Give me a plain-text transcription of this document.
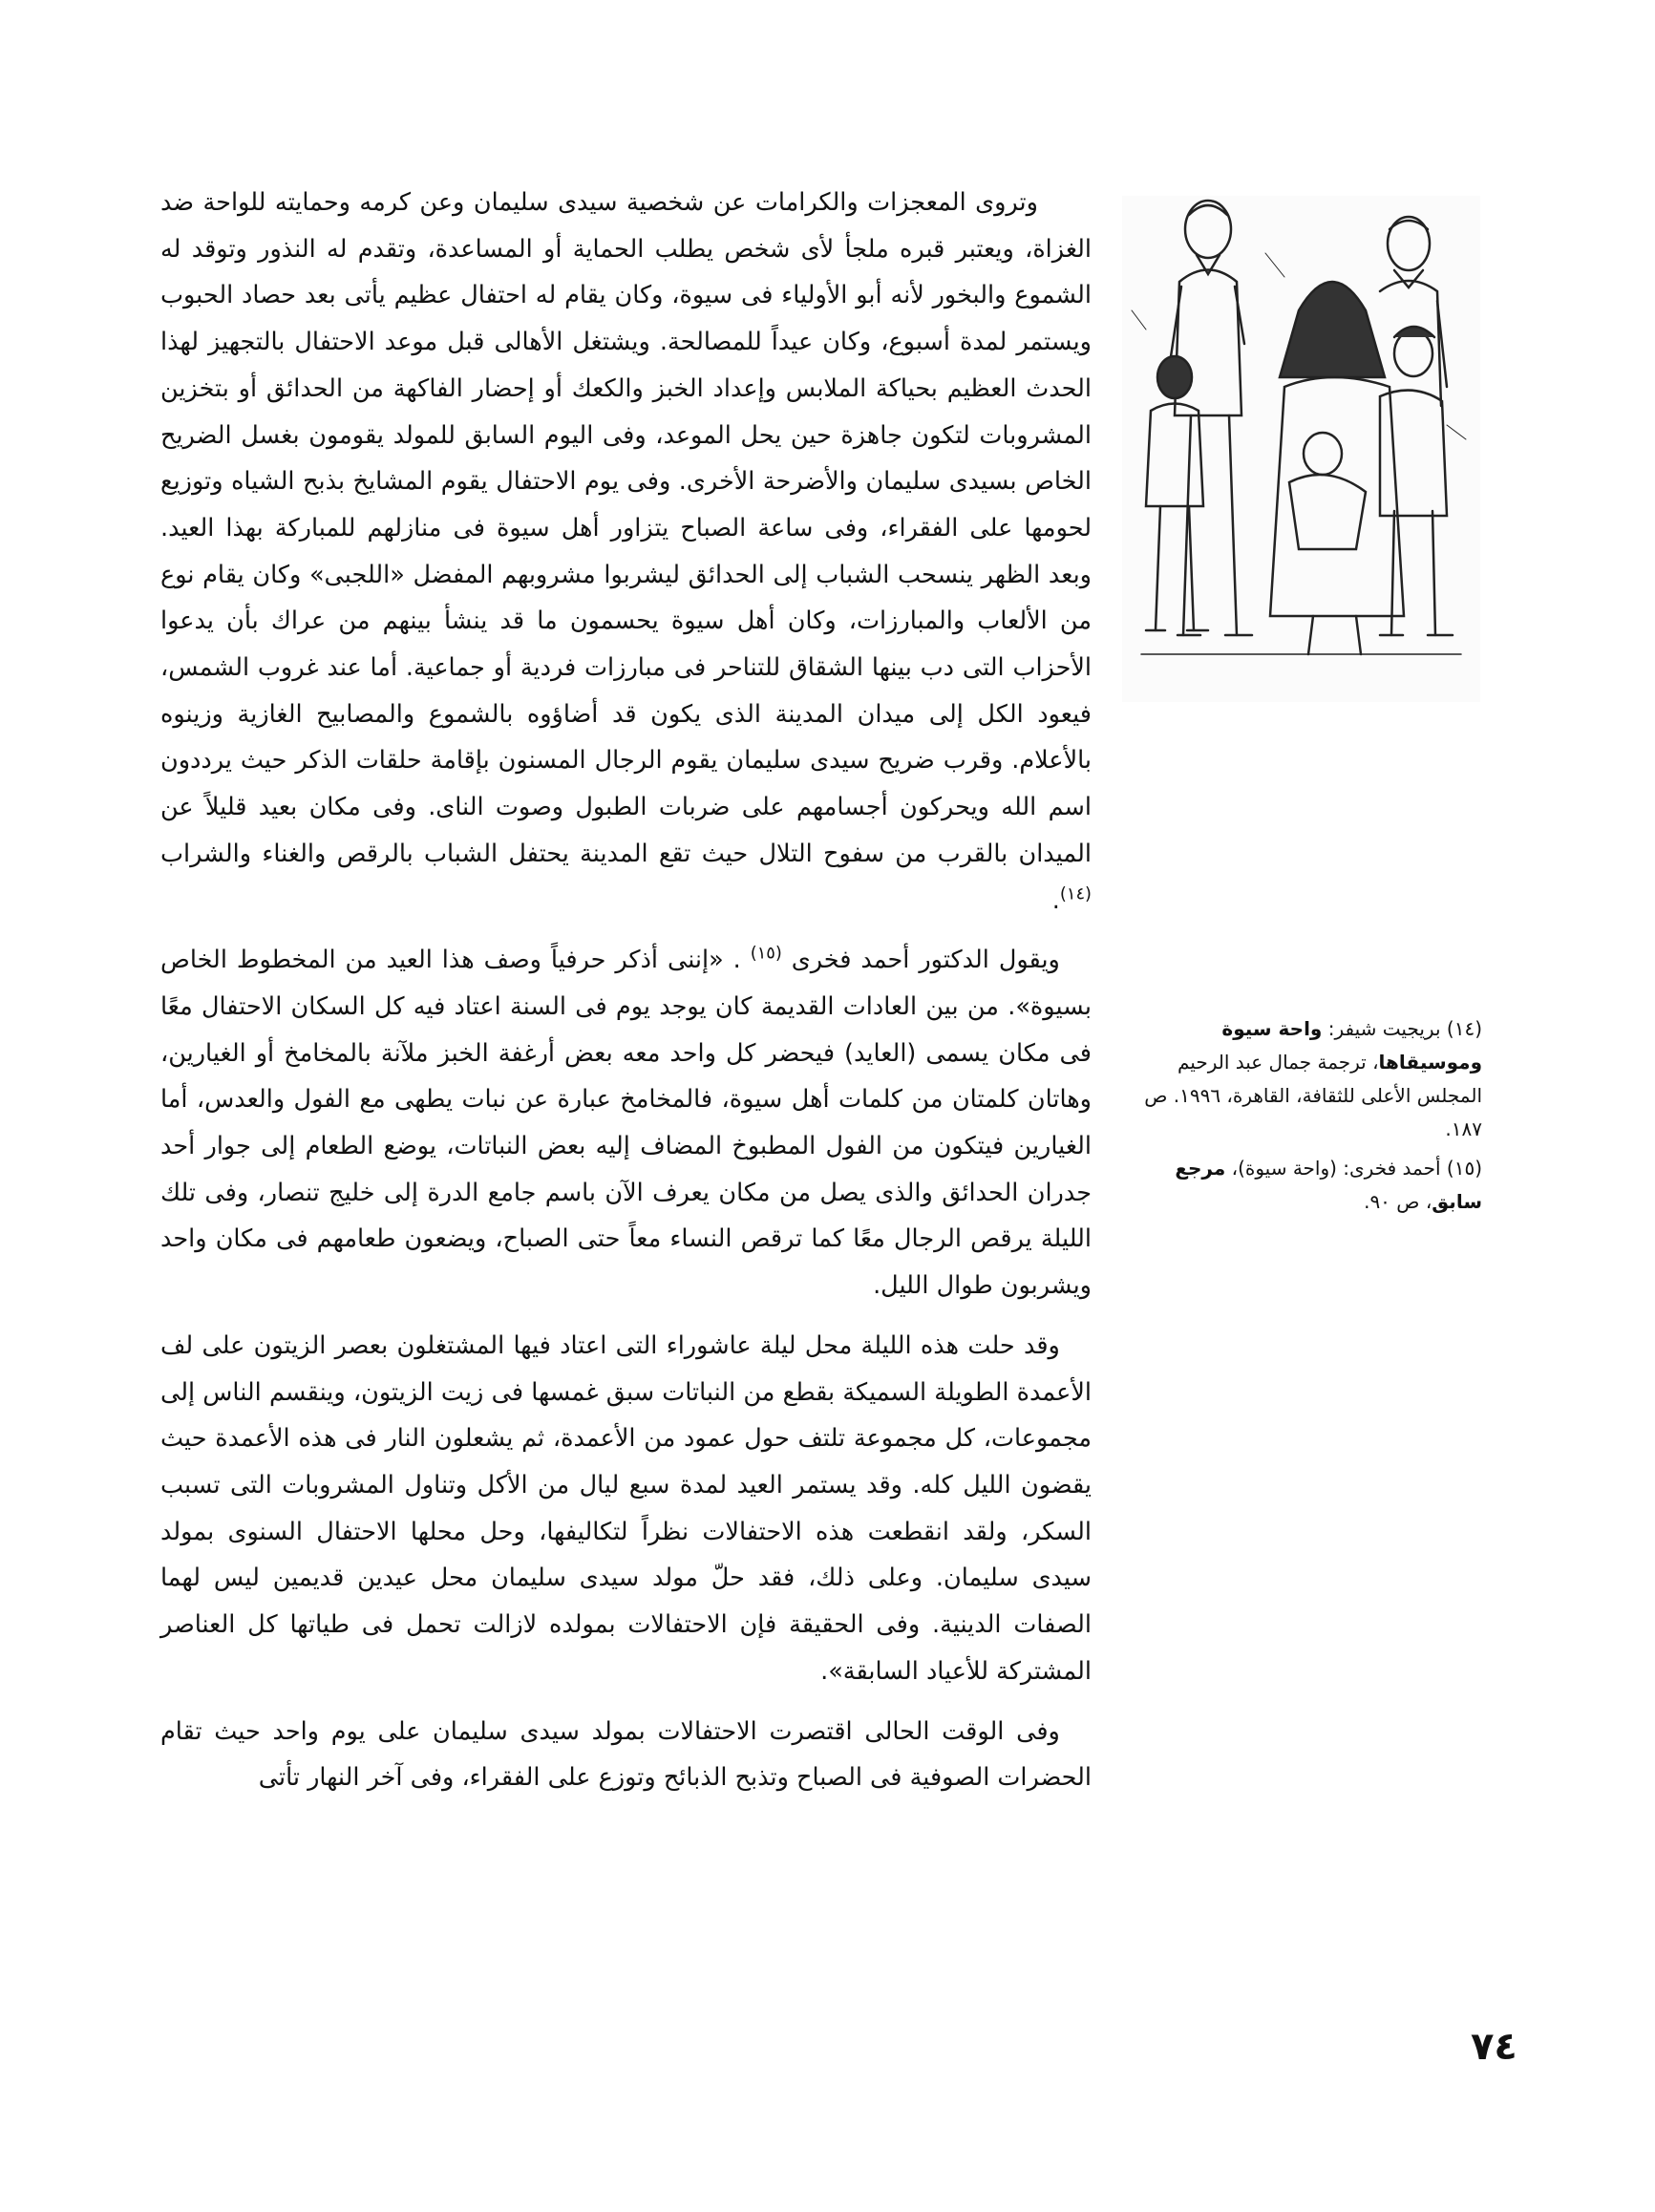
وتروى المعجزات والكرامات عن شخصية سيدى سليمان وعن كرمه وحمايته للواحة ضد الغزاة، ويعتبر قبره ملجأ لأى شخص يطلب الحماية أو المساعدة، وتقدم له النذور وتوقد له الشموع والبخور لأنه أبو الأولياء فى سيوة، وكان يقام له احتفال عظيم يأتى بعد حصاد الحبوب ويستمر لمدة أسبوع، وكان عيداً للمصالحة. ويشتغل الأهالى قبل موعد الاحتفال بالتجهيز لهذا الحدث العظيم بحياكة الملابس وإعداد الخبز والكعك أو إحضار الفاكهة من الحدائق أو بتخزين المشروبات لتكون جاهزة حين يحل الموعد، وفى اليوم السابق للمولد يقومون بغسل الضريح الخاص بسيدى سليمان والأضرحة الأخرى. وفى يوم الاحتفال يقوم المشايخ بذبح الشياه وتوزيع لحومها على الفقراء، وفى ساعة الصباح يتزاور أهل سيوة فى منازلهم للمباركة بهذا العيد. وبعد الظهر ينسحب الشباب إلى الحدائق ليشربوا مشروبهم المفضل «اللجبى» وكان يقام نوع من الألعاب والمبارزات، وكان أهل سيوة يحسمون ما قد ينشأ بينهم من عراك بأن يدعوا الأحزاب التى دب بينها الشقاق للتناحر فى مبارزات فردية أو جماعية. أما عند غروب الشمس، فيعود الكل إلى ميدان المدينة الذى يكون قد أضاؤوه بالشموع والمصابيح الغازية وزينوه بالأعلام. وقرب ضريح سيدى سليمان يقوم الرجال المسنون بإقامة حلقات الذكر حيث يرددون اسم الله ويحركون أجسامهم على ضربات الطبول وصوت الناى. وفى مكان بعيد قليلاً عن الميدان بالقرب من سفوح التلال حيث تقع المدينة يحتفل الشباب بالرقص والغناء والشراب $^{(١٤)}$.

ويقول الدكتور أحمد فخرى $^{(١٥)}$ . «إننى أذكر حرفياً وصف هذا العيد من المخطوط الخاص بسيوة». من بين العادات القديمة كان يوجد يوم فى السنة اعتاد فيه كل السكان الاحتفال معًا فى مكان يسمى (العايد) فيحضر كل واحد معه بعض أرغفة الخبز ملآنة بالمخامخ أو الغيارين، وهاتان كلمتان من كلمات أهل سيوة، فالمخامخ عبارة عن نبات يطهى مع الفول والعدس، أما الغيارين فيتكون من الفول المطبوخ المضاف إليه بعض النباتات، يوضع الطعام إلى جوار أحد جدران الحدائق والذى يصل من مكان يعرف الآن باسم جامع الدرة إلى خليج تنصار، وفى تلك الليلة يرقص الرجال معًا كما ترقص النساء معاً حتى الصباح، ويضعون طعامهم فى مكان واحد ويشربون طوال الليل.

وقد حلت هذه الليلة محل ليلة عاشوراء التى اعتاد فيها المشتغلون بعصر الزيتون على لف الأعمدة الطويلة السميكة بقطع من النباتات سبق غمسها فى زيت الزيتون، وينقسم الناس إلى مجموعات، كل مجموعة تلتف حول عمود من الأعمدة، ثم يشعلون النار فى هذه الأعمدة حيث يقضون الليل كله. وقد يستمر العيد لمدة سبع ليال من الأكل وتناول المشروبات التى تسبب السكر، ولقد انقطعت هذه الاحتفالات نظراً لتكاليفها، وحل محلها الاحتفال السنوى بمولد سيدى سليمان. وعلى ذلك، فقد حلّ مولد سيدى سليمان محل عيدين قديمين ليس لهما الصفات الدينية. وفى الحقيقة فإن الاحتفالات بمولده لازالت تحمل فى طياتها كل العناصر المشتركة للأعياد السابقة».

وفى الوقت الحالى اقتصرت الاحتفالات بمولد سيدى سليمان على يوم واحد حيث تقام الحضرات الصوفية فى الصباح وتذبح الذبائح وتوزع على الفقراء، وفى آخر النهار تأتى

(١٤) بريجيت شيفر: واحة سيوة وموسيقاها، ترجمة جمال عبد الرحيم المجلس الأعلى للثقافة، القاهرة، ١٩٩٦. ص ١٨٧.

(١٥) أحمد فخرى: (واحة سيوة)، مرجع سابق، ص ٩٠.

٧٤
